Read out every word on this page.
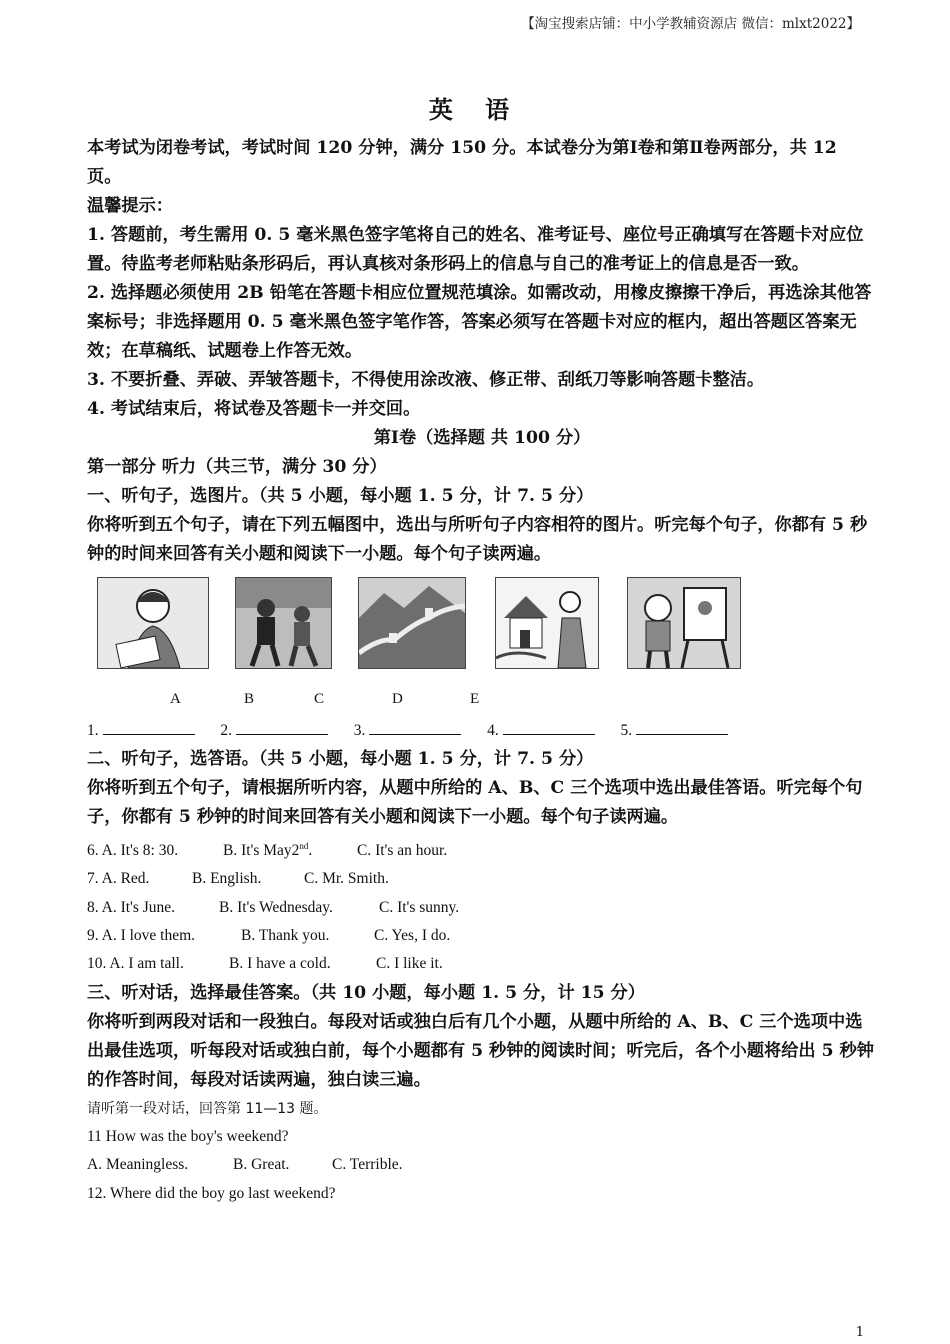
【淘宝搜索店铺：中小学教辅资源店 微信：mlxt2022】
英 语
本考试为闭卷考试，考试时间 120 分钟，满分 150 分。本试卷分为第Ⅰ卷和第Ⅱ卷两部分，共 12 页。
温馨提示：
1. 答题前，考生需用 0. 5 毫米黑色签字笔将自己的姓名、准考证号、座位号正确填写在答题卡对应位置。待监考老师粘贴条形码后，再认真核对条形码上的信息与自己的准考证上的信息是否一致。
2. 选择题必须使用 2B 铅笔在答题卡相应位置规范填涂。如需改动，用橡皮擦擦干净后，再选涂其他答案标号；非选择题用 0. 5 毫米黑色签字笔作答，答案必须写在答题卡对应的框内，超出答题区答案无效；在草稿纸、试题卷上作答无效。
3. 不要折叠、弄破、弄皱答题卡，不得使用涂改液、修正带、刮纸刀等影响答题卡整洁。
4. 考试结束后，将试卷及答题卡一并交回。
第Ⅰ卷（选择题 共 100 分）
第一部分 听力（共三节，满分 30 分）
一、听句子，选图片。（共 5 小题，每小题 1. 5 分，计 7. 5 分）
你将听到五个句子，请在下列五幅图中，选出与所听句子内容相符的图片。听完每个句子，你都有 5 秒钟的时间来回答有关小题和阅读下一小题。每个句子读两遍。
A	B	C	D	E
1.	2.	3.	4.	5.
二、听句子，选答语。（共 5 小题，每小题 1. 5 分，计 7. 5 分）
你将听到五个句子，请根据所听内容，从题中所给的 A、B、C 三个选项中选出最佳答语。听完每个句子，你都有 5 秒钟的时间来回答有关小题和阅读下一小题。每个句子读两遍。
6. A. It's 8: 30.	B. It's May2nd.	C. It's an hour.
7. A. Red.	B. English.	C. Mr. Smith.
8. A. It's June.	B. It's Wednesday.	C. It's sunny.
9. A. I love them.	B. Thank you.	C. Yes, I do.
10. A. I am tall.	B. I have a cold.	C. I like it.
三、听对话，选择最佳答案。（共 10 小题，每小题 1. 5 分，计 15 分）
你将听到两段对话和一段独白。每段对话或独白后有几个小题，从题中所给的 A、B、C 三个选项中选出最佳选项，听每段对话或独白前，每个小题都有 5 秒钟的阅读时间；听完后，各个小题将给出 5 秒钟的作答时间，每段对话读两遍，独白读三遍。
请听第一段对话，回答第 11—13 题。
11 How was the boy's weekend?
A. Meaningless.	B. Great.	C. Terrible.
12. Where did the boy go last weekend?
1
